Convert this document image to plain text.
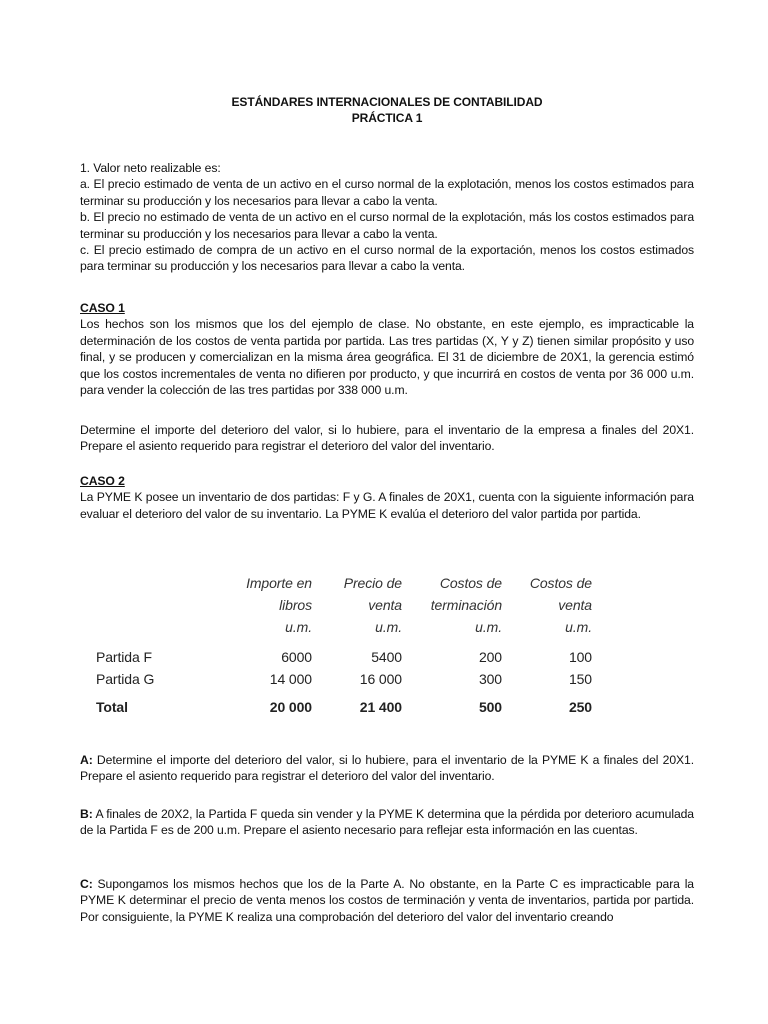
ESTÁNDARES INTERNACIONALES DE CONTABILIDAD

PRÁCTICA 1

1. Valor neto realizable es:

a. El precio estimado de venta de un activo en el curso normal de la explotación, menos los costos estimados para terminar su producción y los necesarios para llevar a cabo la venta.

b. El precio no estimado de venta de un activo en el curso normal de la explotación, más los costos estimados para terminar su producción y los necesarios para llevar a cabo la venta.

c. El precio estimado de compra de un activo en el curso normal de la exportación, menos los costos estimados para terminar su producción y los necesarios para llevar a cabo la venta.

CASO 1

Los hechos son los mismos que los del ejemplo de clase. No obstante, en este ejemplo, es impracticable la determinación de los costos de venta partida por partida. Las tres partidas (X, Y y Z) tienen similar propósito y uso final, y se producen y comercializan en la misma área geográfica. El 31 de diciembre de 20X1, la gerencia estimó que los costos incrementales de venta no difieren por producto, y que incurrirá en costos de venta por 36 000 u.m. para vender la colección de las tres partidas por 338 000 u.m.

Determine el importe del deterioro del valor, si lo hubiere, para el inventario de la empresa a finales del 20X1. Prepare el asiento requerido para registrar el deterioro del valor del inventario.

CASO 2

La PYME K posee un inventario de dos partidas: F y G. A finales de 20X1, cuenta con la siguiente información para evaluar el deterioro del valor de su inventario. La PYME K evalúa el deterioro del valor partida por partida.

	Importe en	Precio de	Costos de	Costos de
	libros	venta	terminación	venta
	u.m.	u.m.	u.m.	u.m.

Partida F	6000	5400	200	100
Partida G	14 000	16 000	300	150
Total	20 000	21 400	500	250

A: Determine el importe del deterioro del valor, si lo hubiere, para el inventario de la PYME K a finales del 20X1. Prepare el asiento requerido para registrar el deterioro del valor del inventario.

B: A finales de 20X2, la Partida F queda sin vender y la PYME K determina que la pérdida por deterioro acumulada de la Partida F es de 200 u.m. Prepare el asiento necesario para reflejar esta información en las cuentas.

C: Supongamos los mismos hechos que los de la Parte A. No obstante, en la Parte C es impracticable para la PYME K determinar el precio de venta menos los costos de terminación y venta de inventarios, partida por partida. Por consiguiente, la PYME K realiza una comprobación del deterioro del valor del inventario creando
